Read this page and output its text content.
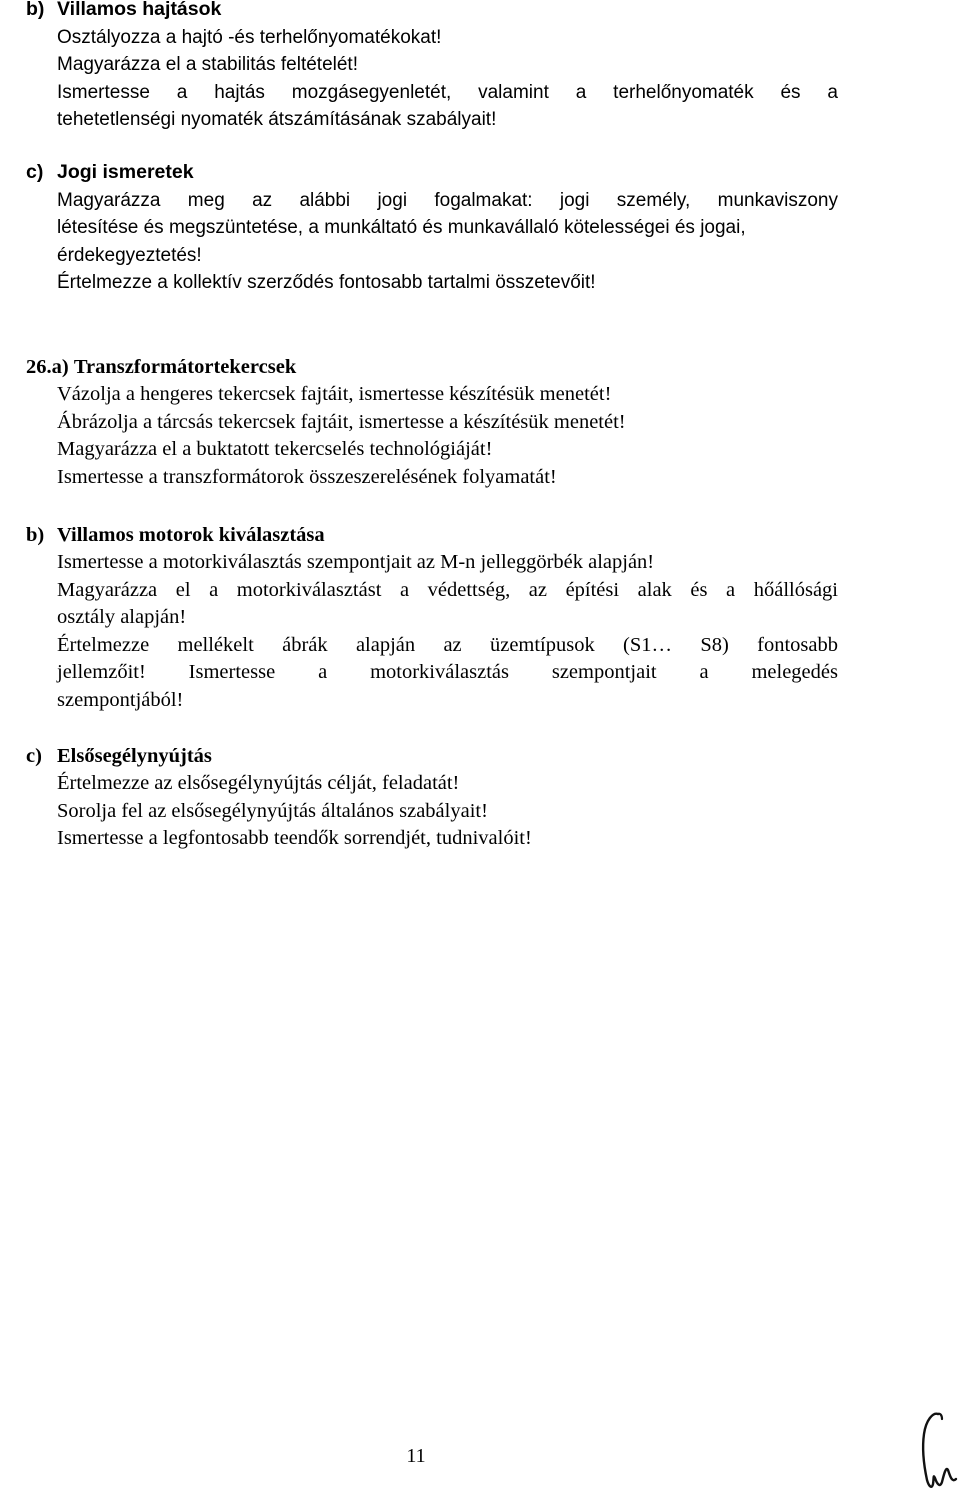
b) Villamos hajtások
Osztályozza a hajtó -és terhelőnyomatékokat!
Magyarázza el a stabilitás feltételét!
Ismertesse a hajtás mozgásegyenletét, valamint a terhelőnyomaték és a
tehetetlenségi nyomaték átszámításának szabályait!
c) Jogi ismeretek
Magyarázza meg az alábbi jogi fogalmakat: jogi személy, munkaviszony
létesítése és megszüntetése, a munkáltató és munkavállaló kötelességei és jogai,
érdekegyeztetés!
Értelmezze a kollektív szerződés fontosabb tartalmi összetevőit!
26.a) Transzformátortekercsek
Vázolja a hengeres tekercsek fajtáit, ismertesse készítésük menetét!
Ábrázolja a tárcsás tekercsek fajtáit, ismertesse a készítésük menetét!
Magyarázza el a buktatott tekercselés technológiáját!
Ismertesse a transzformátorok összeszerelésének folyamatát!
b) Villamos motorok kiválasztása
Ismertesse a motorkiválasztás szempontjait az M-n jelleggörbék alapján!
Magyarázza el a motorkiválasztást a védettség, az építési alak és a hőállósági
osztály alapján!
Értelmezze mellékelt ábrák alapján az üzemtípusok (S1… S8) fontosabb
jellemzőit! Ismertesse a motorkiválasztás szempontjait a melegedés
szempontjából!
c) Elsősegélynyújtás
Értelmezze az elsősegélynyújtás célját, feladatát!
Sorolja fel az elsősegélynyújtás általános szabályait!
Ismertesse a legfontosabb teendők sorrendjét, tudnivalóit!
11
